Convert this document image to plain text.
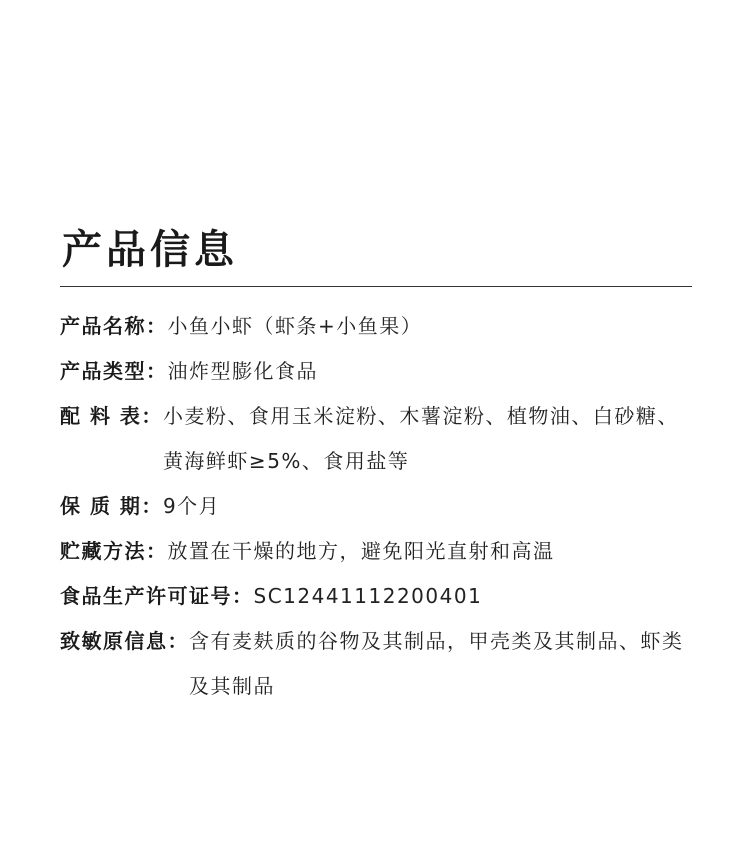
产品信息
产品名称： 小鱼小虾（虾条+小鱼果）
产品类型： 油炸型膨化食品
配 料 表： 小麦粉、食用玉米淀粉、木薯淀粉、植物油、白砂糖、黄海鲜虾≥5%、食用盐等
保 质 期： 9个月
贮藏方法： 放置在干燥的地方，避免阳光直射和高温
食品生产许可证号： SC12441112200401
致敏原信息： 含有麦麸质的谷物及其制品，甲壳类及其制品、虾类及其制品
